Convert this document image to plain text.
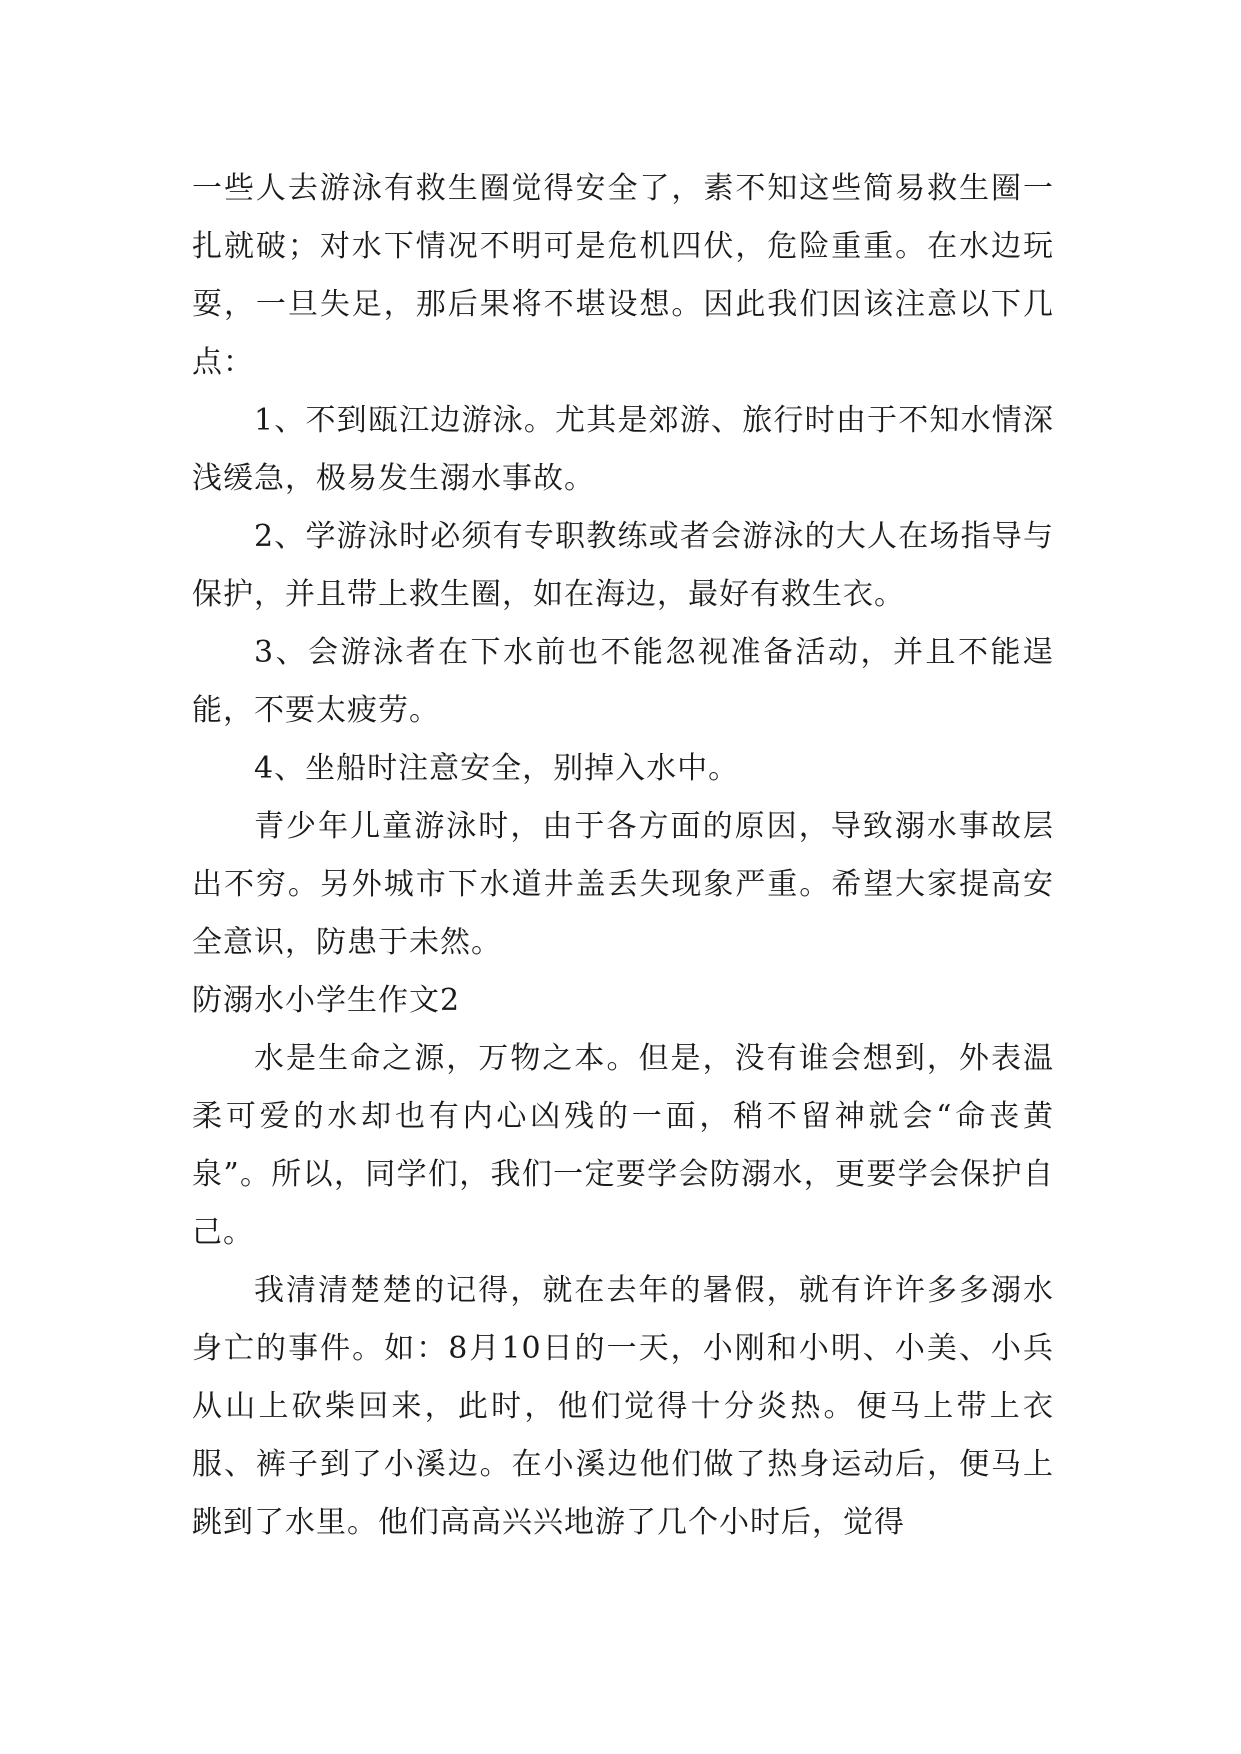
一些人去游泳有救生圈觉得安全了，素不知这些简易救生圈一扎就破；对水下情况不明可是危机四伏，危险重重。在水边玩耍，一旦失足，那后果将不堪设想。因此我们因该注意以下几点：

1、不到瓯江边游泳。尤其是郊游、旅行时由于不知水情深浅缓急，极易发生溺水事故。

2、学游泳时必须有专职教练或者会游泳的大人在场指导与保护，并且带上救生圈，如在海边，最好有救生衣。

3、会游泳者在下水前也不能忽视准备活动，并且不能逞能，不要太疲劳。

4、坐船时注意安全，别掉入水中。

青少年儿童游泳时，由于各方面的原因，导致溺水事故层出不穷。另外城市下水道井盖丢失现象严重。希望大家提高安全意识，防患于未然。

防溺水小学生作文2

水是生命之源，万物之本。但是，没有谁会想到，外表温柔可爱的水却也有内心凶残的一面，稍不留神就会“命丧黄泉”。所以，同学们，我们一定要学会防溺水，更要学会保护自己。

我清清楚楚的记得，就在去年的暑假，就有许许多多溺水身亡的事件。如：8月10日的一天，小刚和小明、小美、小兵从山上砍柴回来，此时，他们觉得十分炎热。便马上带上衣服、裤子到了小溪边。在小溪边他们做了热身运动后，便马上跳到了水里。他们高高兴兴地游了几个小时后，觉得
